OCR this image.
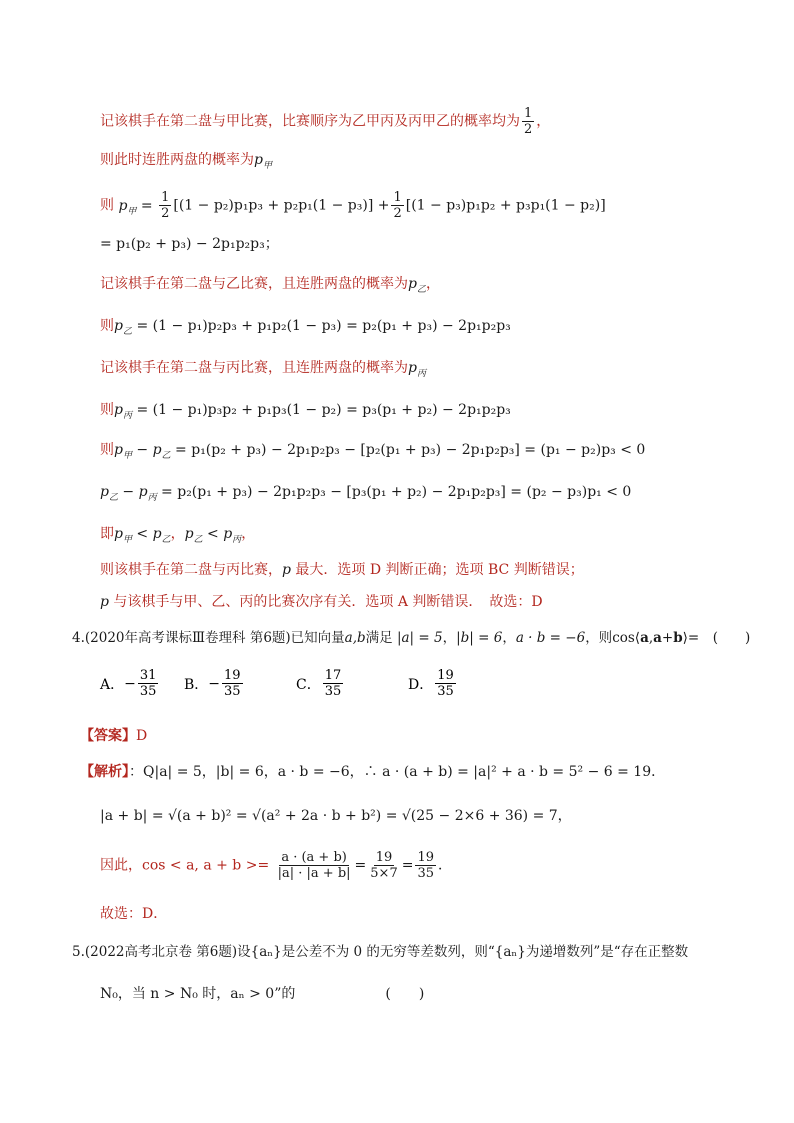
记该棋手在第二盘与甲比赛，比赛顺序为乙甲丙及丙甲乙的概率均为 $\frac{1}{2}$ ，
则此时连胜两盘的概率为$p_甲$
则 $p_甲 = \frac{1}{2} [(1 - p_2)p_1p_3 + p_2p_1(1 - p_3)] + \frac{1}{2} [(1 - p_3)p_1p_2 + p_3p_1(1 - p_2)]$
= p₁(p₂ + p₃) − 2p₁p₂p₃；
记该棋手在第二盘与乙比赛，且连胜两盘的概率为$p_乙$，
则$p_乙 = (1 - p_1)p_2p_3 + p_1p_2(1 - p_3) = p_2(p_1 + p_3) - 2p_1p_2p_3$
记该棋手在第二盘与丙比赛，且连胜两盘的概率为$p_丙$
则$p_丙 = (1 - p_1)p_3p_2 + p_1p_3(1 - p_2) = p_3(p_1 + p_2) - 2p_1p_2p_3$
则$p_甲 - p_乙 = p_1(p_2 + p_3) - 2p_1p_2p_3 - [p_2(p_1 + p_3) - 2p_1p_2p_3] = (p_1 - p_2)p_3 < 0$
$p_乙 - p_丙 = p_2(p_1 + p_3) - 2p_1p_2p_3 - [p_3(p_1 + p_2) - 2p_1p_2p_3] = (p_2 - p_3)p_1 < 0$
即$p_甲 < p_乙$，$p_乙 < p_丙$，
则该棋手在第二盘与丙比赛，p 最大．选项 D 判断正确；选项 BC 判断错误；
p 与该棋手与甲、乙、丙的比赛次序有关．选项 A 判断错误．　故选：D
4.(2020年高考课标Ⅲ卷理科 第6题)已知向量a,b满足 |a| = 5，|b| = 6，a · b = −6，则cos⟨a,a+b⟩=　 (　　)
A． − $\frac{31}{35}$ B． − $\frac{19}{35}$	C． $\frac{17}{35}$	D． $\frac{19}{35}$
【答案】D
【解析】：Q|a| = 5，|b| = 6，a · b = −6，∴ a · (a + b) = |a|² + a · b = 5² − 6 = 19．
|a + b| = √(a + b)² = √(a² + 2a · b + b²) = √(25 − 2×6 + 36) = 7，
因此，cos < a, $a + b >= \frac{a \cdot (a + b)}{|a| \cdot |a + b|} = \frac{19}{5\times 7} = \frac{19}{35}$ ．
故选：D．
5.(2022高考北京卷 第6题)设{aₙ}是公差不为 0 的无穷等差数列，则“{aₙ}为递增数列”是“存在正整数
N₀，当 n > N₀ 时，aₙ > 0”的	(　　)
